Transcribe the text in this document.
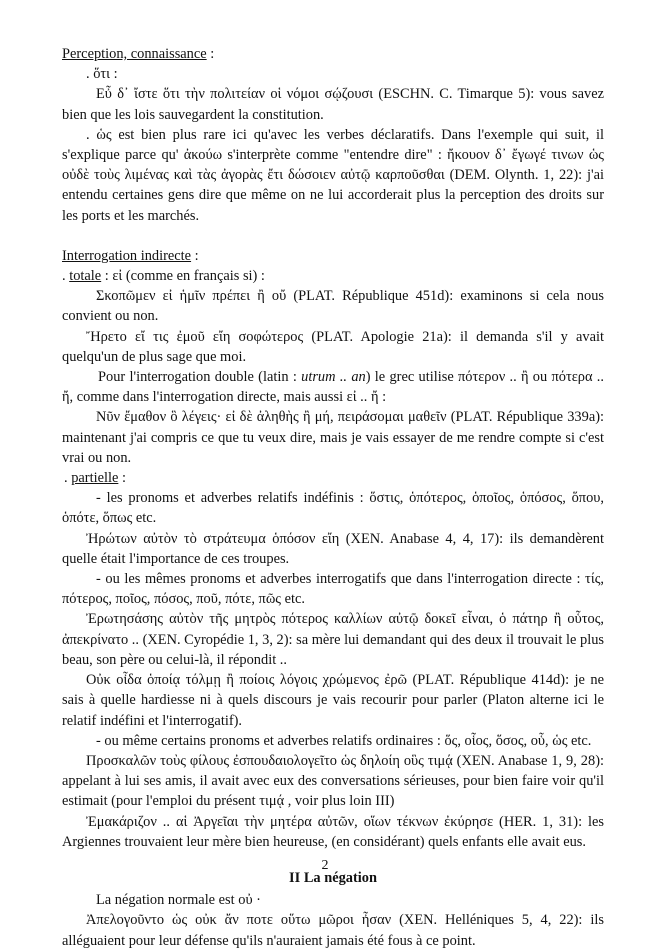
Perception, connaissance :

. ὅτι :

Εὖ δ᾽ ἴστε ὅτι τὴν πολιτείαν οἱ νόμοι σῴζουσι (ESCHN. C. Timarque 5): vous savez bien que les lois sauvegardent la constitution.

. ὡς est bien plus rare ici qu'avec les verbes déclaratifs. Dans l'exemple qui suit, il s'explique parce qu' ἀκούω s'interprète comme "entendre dire" : ἤκουον δ᾽ ἔγωγέ τινων ὡς οὐδὲ τοὺς λιμένας καὶ τὰς ἀγορὰς ἔτι δώσοιεν αὐτῷ καρποῦσθαι (DEM. Olynth. 1, 22): j'ai entendu certaines gens dire que même on ne lui accorderait plus la perception des droits sur les ports et les marchés.

Interrogation indirecte :

. totale : εἰ (comme en français si) :

Σκοπῶμεν εἰ ἡμῖν πρέπει ἢ οὔ (PLAT. République 451d): examinons si cela nous convient ou non.

Ἤρετο εἴ τις ἐμοῦ εἴη σοφώτερος (PLAT. Apologie 21a): il demanda s'il y avait quelqu'un de plus sage que moi.

Pour l'interrogation double (latin : utrum .. an) le grec utilise πότερον .. ἢ ou πότερα .. ἤ, comme dans l'interrogation directe, mais aussi εἰ .. ἤ :

Νῦν ἔμαθον ὃ λέγεις· εἰ δὲ ἀληθὴς ἢ μή, πειράσομαι μαθεῖν (PLAT. République 339a): maintenant j'ai compris ce que tu veux dire, mais je vais essayer de me rendre compte si c'est vrai ou non.

. partielle :

- les pronoms et adverbes relatifs indéfinis : ὅστις, ὁπότερος, ὁποῖος, ὁπόσος, ὅπου, ὁπότε, ὅπως etc.

Ἠρώτων αὐτὸν τὸ στράτευμα ὁπόσον εἴη (XEN. Anabase 4, 4, 17): ils demandèrent quelle était l'importance de ces troupes.

- ou les mêmes pronoms et adverbes interrogatifs que dans l'interrogation directe : τίς, πότερος, ποῖος, πόσος, ποῦ, πότε, πῶς etc.

Ἐρωτησάσης αὐτὸν τῆς μητρὸς πότερος καλλίων αὐτῷ δοκεῖ εἶναι, ὁ πάτηρ ἢ οὗτος, ἀπεκρίνατο .. (XEN. Cyropédie 1, 3, 2): sa mère lui demandant qui des deux il trouvait le plus beau, son père ou celui-là, il répondit ..

Οὐκ οἶδα ὁποίᾳ τόλμῃ ἢ ποίοις λόγοις χρώμενος ἐρῶ (PLAT. République 414d): je ne sais à quelle hardiesse ni à quels discours je vais recourir pour parler (Platon alterne ici le relatif indéfini et l'interrogatif).

- ou même certains pronoms et adverbes relatifs ordinaires : ὅς, οἷος, ὅσος, οὗ, ὡς etc.

Προσκαλῶν τοὺς φίλους ἐσπουδαιολογεῖτο ὡς δηλοίη οὓς τιμᾴ (XEN. Anabase 1, 9, 28): appelant à lui ses amis, il avait avec eux des conversations sérieuses, pour bien faire voir qu'il estimait (pour l'emploi du présent τιμᾴ , voir plus loin III)

Ἐμακάριζον .. αἱ Ἀργεῖαι τὴν μητέρα αὐτῶν, οἵων τέκνων ἐκύρησε (HER. 1, 31): les Argiennes trouvaient leur mère bien heureuse, (en considérant) quels enfants elle avait eus.

II La négation

La négation normale est οὐ ·

Ἀπελογοῦντο ὡς οὐκ ἄν ποτε οὕτω μῶροι ἦσαν (XEN. Helléniques 5, 4, 22): ils alléguaient pour leur défense qu'ils n'auraient jamais été fous à ce point.

2
